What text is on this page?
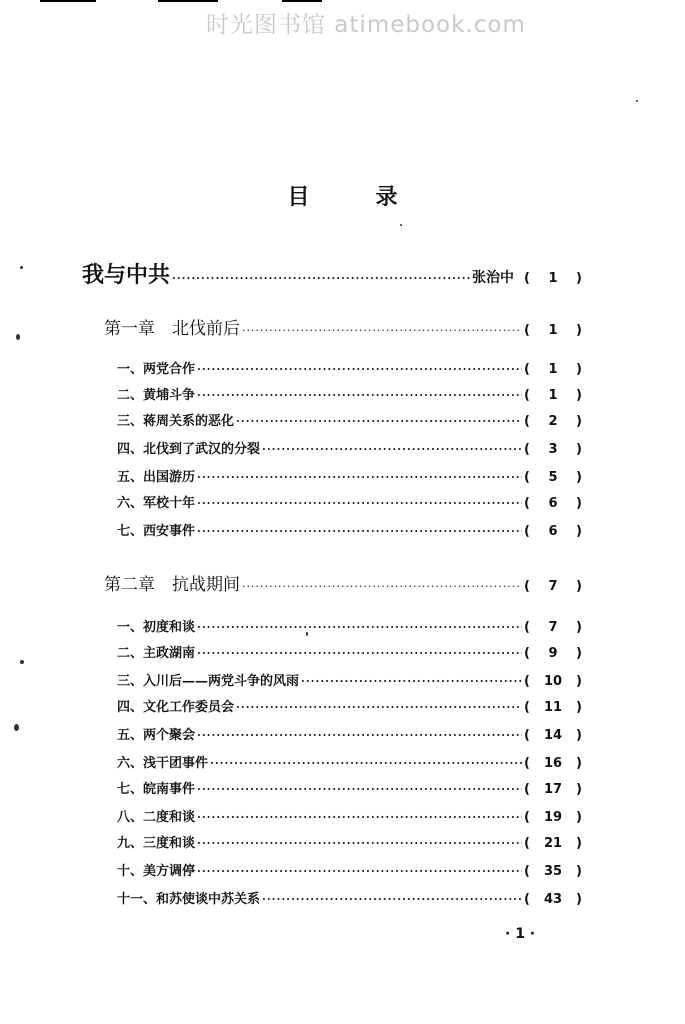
时光图书馆 atimebook.com
目录
我与中共 ·····	张治中 (	1	)
第一章　北伐前后 ·····	(	1	)
一、两党合作 ·····	(	1	)
二、黄埔斗争 ·····	(	1	)
三、蒋周关系的恶化 ·····	(	2	)
四、北伐到了武汉的分裂 ·····	(	3	)
五、出国游历 ·····	(	5	)
六、军校十年 ·····	(	6	)
七、西安事件 ·····	(	6	)
第二章　抗战期间 ·····	(	7	)
一、初度和谈 ·····	(	7	)
二、主政湖南 ·····	(	9	)
三、入川后——两党斗争的风雨 ·····	(	10	)
四、文化工作委员会 ·····	(	11	)
五、两个聚会 ·····	(	14	)
六、浅干团事件 ·····	(	16	)
七、皖南事件 ·····	(	17	)
八、二度和谈 ·····	(	19	)
九、三度和谈 ·····	(	21	)
十、美方调停 ·····	(	35	)
十一、和苏使谈中苏关系 ·····	(	43	)
· 1 ·
